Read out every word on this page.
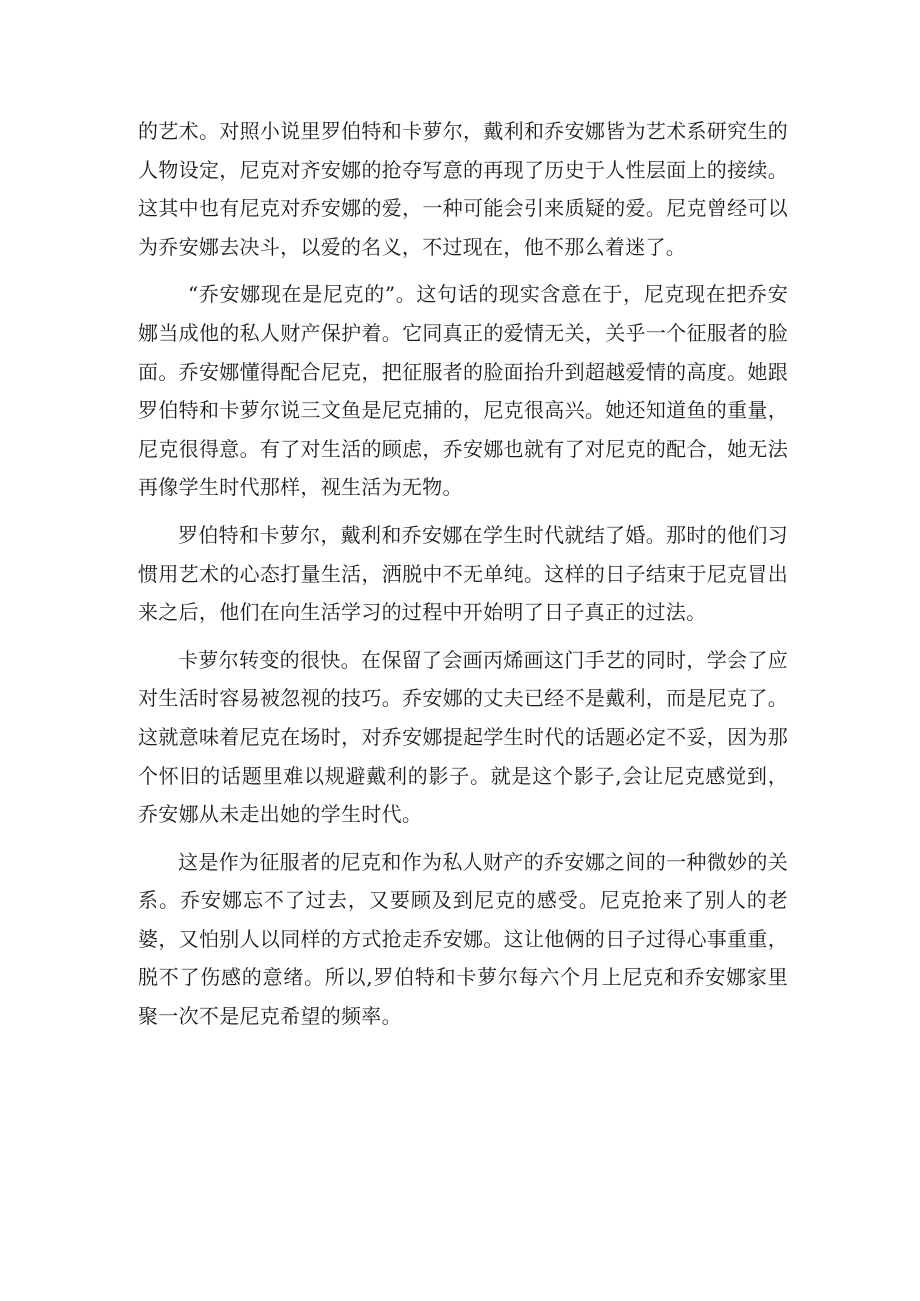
的艺术。对照小说里罗伯特和卡萝尔，戴利和乔安娜皆为艺术系研究生的人物设定，尼克对齐安娜的抢夺写意的再现了历史于人性层面上的接续。这其中也有尼克对乔安娜的爱，一种可能会引来质疑的爱。尼克曾经可以为乔安娜去决斗，以爱的名义，不过现在，他不那么着迷了。

“乔安娜现在是尼克的”。这句话的现实含意在于，尼克现在把乔安娜当成他的私人财产保护着。它同真正的爱情无关，关乎一个征服者的脸面。乔安娜懂得配合尼克，把征服者的脸面抬升到超越爱情的高度。她跟罗伯特和卡萝尔说三文鱼是尼克捕的，尼克很高兴。她还知道鱼的重量，尼克很得意。有了对生活的顾虑，乔安娜也就有了对尼克的配合，她无法再像学生时代那样，视生活为无物。

罗伯特和卡萝尔，戴利和乔安娜在学生时代就结了婚。那时的他们习惯用艺术的心态打量生活，洒脱中不无单纯。这样的日子结束于尼克冒出来之后，他们在向生活学习的过程中开始明了日子真正的过法。

卡萝尔转变的很快。在保留了会画丙烯画这门手艺的同时，学会了应对生活时容易被忽视的技巧。乔安娜的丈夫已经不是戴利，而是尼克了。这就意味着尼克在场时，对乔安娜提起学生时代的话题必定不妥，因为那个怀旧的话题里难以规避戴利的影子。就是这个影子,会让尼克感觉到，乔安娜从未走出她的学生时代。

这是作为征服者的尼克和作为私人财产的乔安娜之间的一种微妙的关系。乔安娜忘不了过去，又要顾及到尼克的感受。尼克抢来了别人的老婆，又怕别人以同样的方式抢走乔安娜。这让他俩的日子过得心事重重，脱不了伤感的意绪。所以,罗伯特和卡萝尔每六个月上尼克和乔安娜家里聚一次不是尼克希望的频率。
